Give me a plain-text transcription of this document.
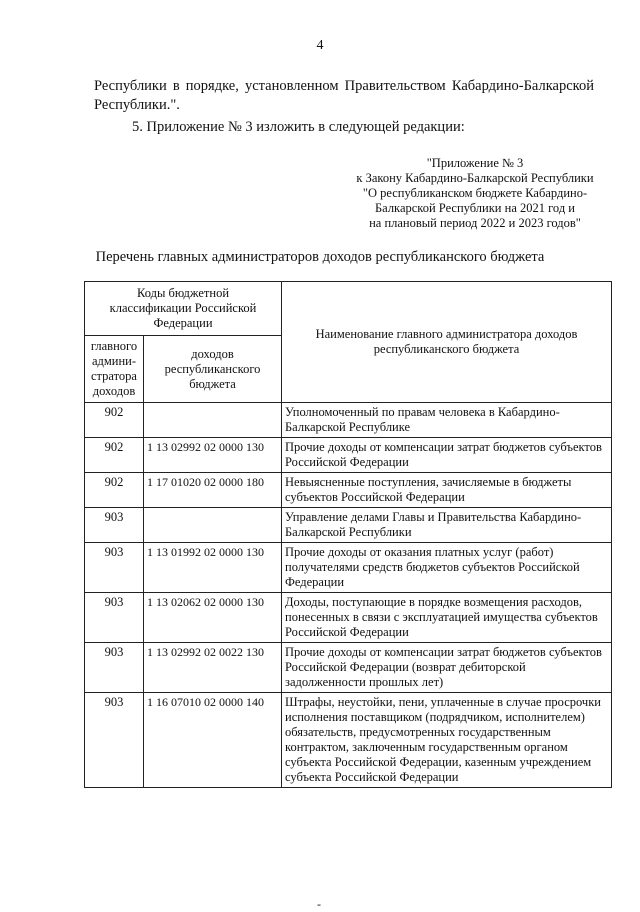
4

Республики в порядке, установленном Правительством Кабардино-Балкарской Республики.".

5. Приложение № 3 изложить в следующей редакции:

"Приложение № 3
к Закону Кабардино-Балкарской Республики
"О республиканском бюджете Кабардино-
Балкарской Республики на 2021 год и
на плановый период 2022 и 2023 годов"
Перечень главных администраторов доходов республиканского бюджета
Коды бюджетной классификации Российской Федерации		Наименование главного администратора доходов республиканского бюджета
главного админи-стратора доходов	доходов республиканского бюджета	
902		Уполномоченный по правам человека в Кабардино-Балкарской Республике
902	1 13 02992 02 0000 130	Прочие доходы от компенсации затрат бюджетов субъектов Российской Федерации
902	1 17 01020 02 0000 180	Невыясненные поступления, зачисляемые в бюджеты субъектов Российской Федерации
903		Управление делами Главы и Правительства Кабардино-Балкарской Республики
903	1 13 01992 02 0000 130	Прочие доходы от оказания платных услуг (работ) получателями средств бюджетов субъектов Российской Федерации
903	1 13 02062 02 0000 130	Доходы, поступающие в порядке возмещения расходов, понесенных в связи с эксплуатацией имущества субъектов Российской Федерации
903	1 13 02992 02 0022 130	Прочие доходы от компенсации затрат бюджетов субъектов Российской Федерации (возврат дебиторской задолженности прошлых лет)
903	1 16 07010 02 0000 140	Штрафы, неустойки, пени, уплаченные в случае просрочки исполнения поставщиком (подрядчиком, исполнителем) обязательств, предусмотренных государственным контрактом, заключенным государственным органом субъекта Российской Федерации, казенным учреждением субъекта Российской Федерации
-
